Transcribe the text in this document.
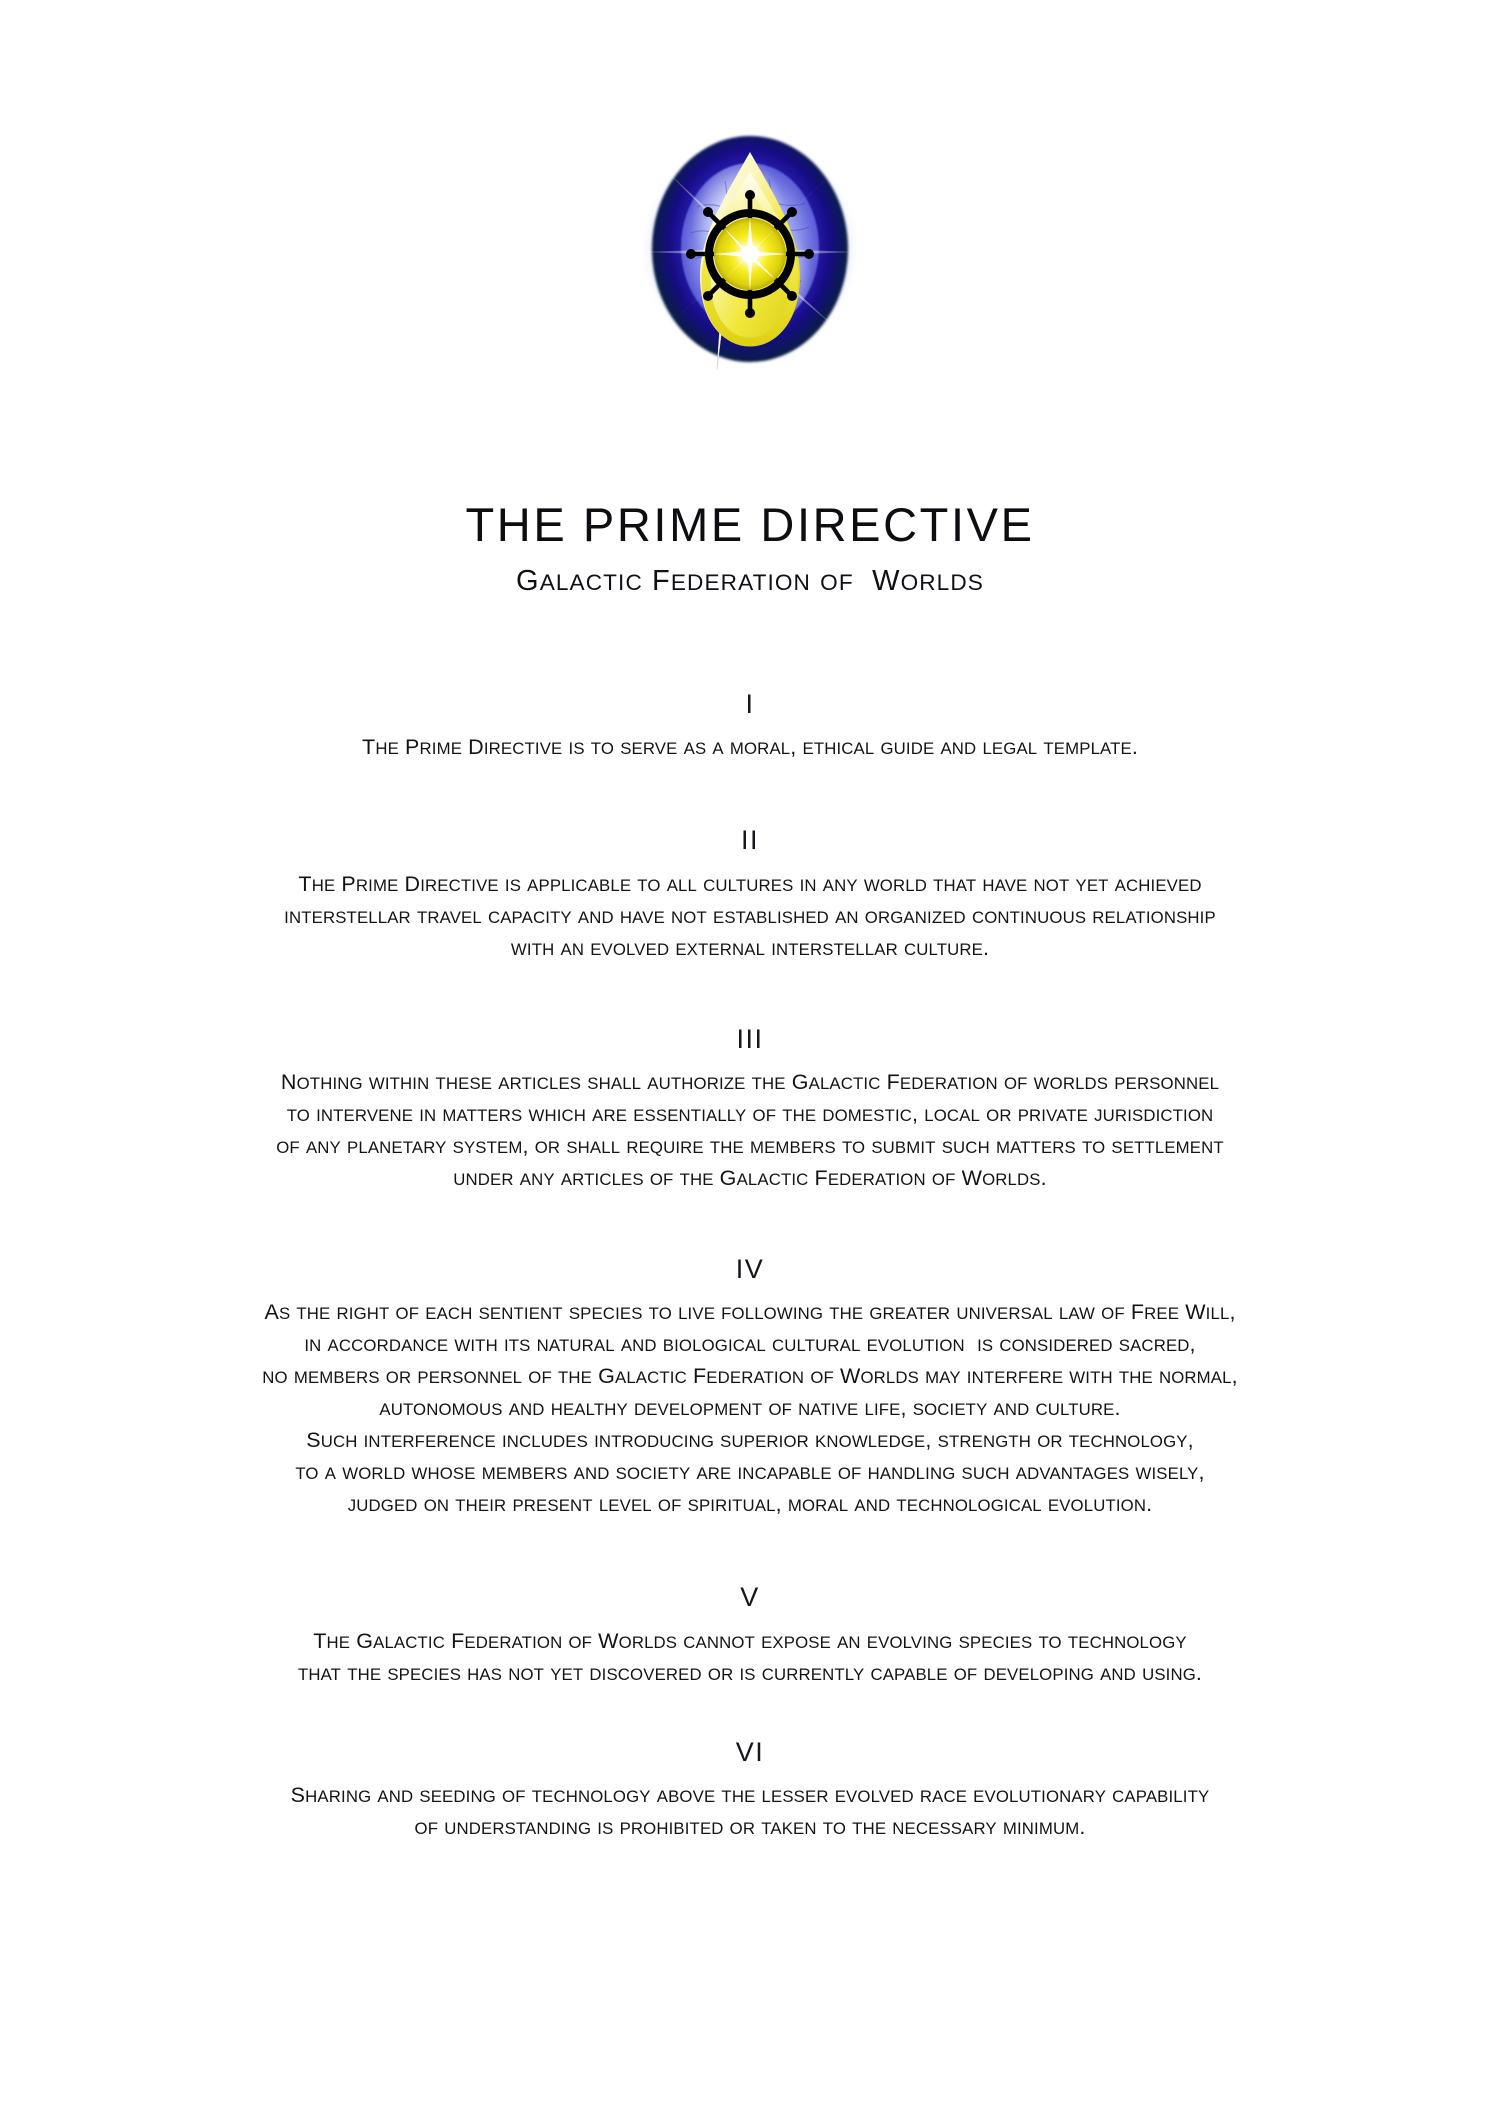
THE PRIME DIRECTIVE
GALACTIC FEDERATION OF  WORLDS
I
THE PRIME DIRECTIVE IS TO SERVE AS A MORAL, ETHICAL GUIDE AND LEGAL TEMPLATE.
II
THE PRIME DIRECTIVE IS APPLICABLE TO ALL CULTURES IN ANY WORLD THAT HAVE NOT YET ACHIEVED
INTERSTELLAR TRAVEL CAPACITY AND HAVE NOT ESTABLISHED AN ORGANIZED CONTINUOUS RELATIONSHIP
WITH AN EVOLVED EXTERNAL INTERSTELLAR CULTURE.
III
NOTHING WITHIN THESE ARTICLES SHALL AUTHORIZE THE GALACTIC FEDERATION OF WORLDS PERSONNEL
TO INTERVENE IN MATTERS WHICH ARE ESSENTIALLY OF THE DOMESTIC, LOCAL OR PRIVATE JURISDICTION
OF ANY PLANETARY SYSTEM, OR SHALL REQUIRE THE MEMBERS TO SUBMIT SUCH MATTERS TO SETTLEMENT
UNDER ANY ARTICLES OF THE GALACTIC FEDERATION OF WORLDS.
IV
AS THE RIGHT OF EACH SENTIENT SPECIES TO LIVE FOLLOWING THE GREATER UNIVERSAL LAW OF FREE WILL,
IN ACCORDANCE WITH ITS NATURAL AND BIOLOGICAL CULTURAL EVOLUTION IS CONSIDERED SACRED,
NO MEMBERS OR PERSONNEL OF THE GALACTIC FEDERATION OF WORLDS MAY INTERFERE WITH THE NORMAL,
AUTONOMOUS AND HEALTHY DEVELOPMENT OF NATIVE LIFE, SOCIETY AND CULTURE.
SUCH INTERFERENCE INCLUDES INTRODUCING SUPERIOR KNOWLEDGE, STRENGTH OR TECHNOLOGY,
TO A WORLD WHOSE MEMBERS AND SOCIETY ARE INCAPABLE OF HANDLING SUCH ADVANTAGES WISELY,
JUDGED ON THEIR PRESENT LEVEL OF SPIRITUAL, MORAL AND TECHNOLOGICAL EVOLUTION.
V
THE GALACTIC FEDERATION OF WORLDS CANNOT EXPOSE AN EVOLVING SPECIES TO TECHNOLOGY
THAT THE SPECIES HAS NOT YET DISCOVERED OR IS CURRENTLY CAPABLE OF DEVELOPING AND USING.
VI
SHARING AND SEEDING OF TECHNOLOGY ABOVE THE LESSER EVOLVED RACE EVOLUTIONARY CAPABILITY
OF UNDERSTANDING IS PROHIBITED OR TAKEN TO THE NECESSARY MINIMUM.
